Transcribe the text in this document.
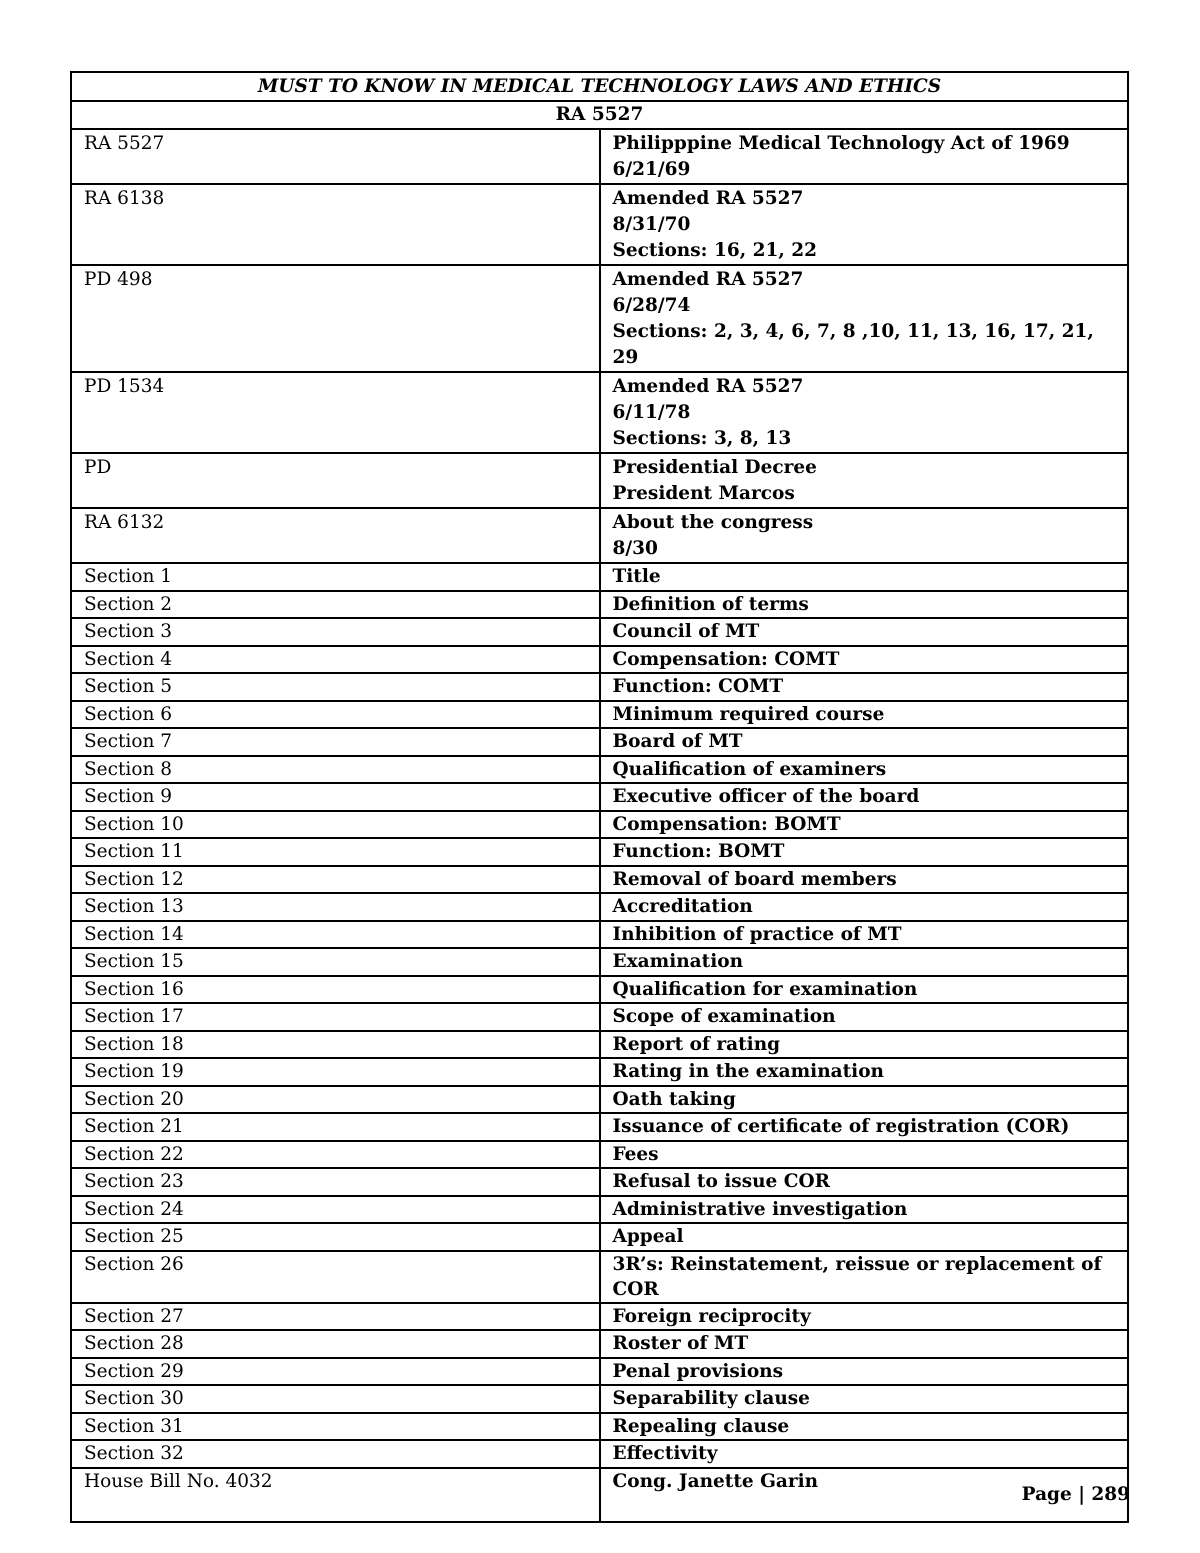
MUST TO KNOW IN MEDICAL TECHNOLOGY LAWS AND ETHICS	
RA 5527	
RA 5527	Philipppine Medical Technology Act of 1969
6/21/69
RA 6138	Amended RA 5527
8/31/70
Sections: 16, 21, 22
PD 498	Amended RA 5527
6/28/74
Sections: 2, 3, 4, 6, 7, 8 ,10, 11, 13, 16, 17, 21, 29
PD 1534	Amended RA 5527
6/11/78
Sections: 3, 8, 13
PD	Presidential Decree
President Marcos
RA 6132	About the congress
8/30
Section 1	Title
Section 2	Definition of terms
Section 3	Council of MT
Section 4	Compensation: COMT
Section 5	Function: COMT
Section 6	Minimum required course
Section 7	Board of MT
Section 8	Qualification of examiners
Section 9	Executive officer of the board
Section 10	Compensation: BOMT
Section 11	Function: BOMT
Section 12	Removal of board members
Section 13	Accreditation
Section 14	Inhibition of practice of MT
Section 15	Examination
Section 16	Qualification for examination
Section 17	Scope of examination
Section 18	Report of rating
Section 19	Rating in the examination
Section 20	Oath taking
Section 21	Issuance of certificate of registration (COR)
Section 22	Fees
Section 23	Refusal to issue COR
Section 24	Administrative investigation
Section 25	Appeal
Section 26	3R’s: Reinstatement, reissue or replacement of COR
Section 27	Foreign reciprocity
Section 28	Roster of MT
Section 29	Penal provisions
Section 30	Separability clause
Section 31	Repealing clause
Section 32	Effectivity
House Bill No. 4032	Cong. Janette Garin
Page | 289
